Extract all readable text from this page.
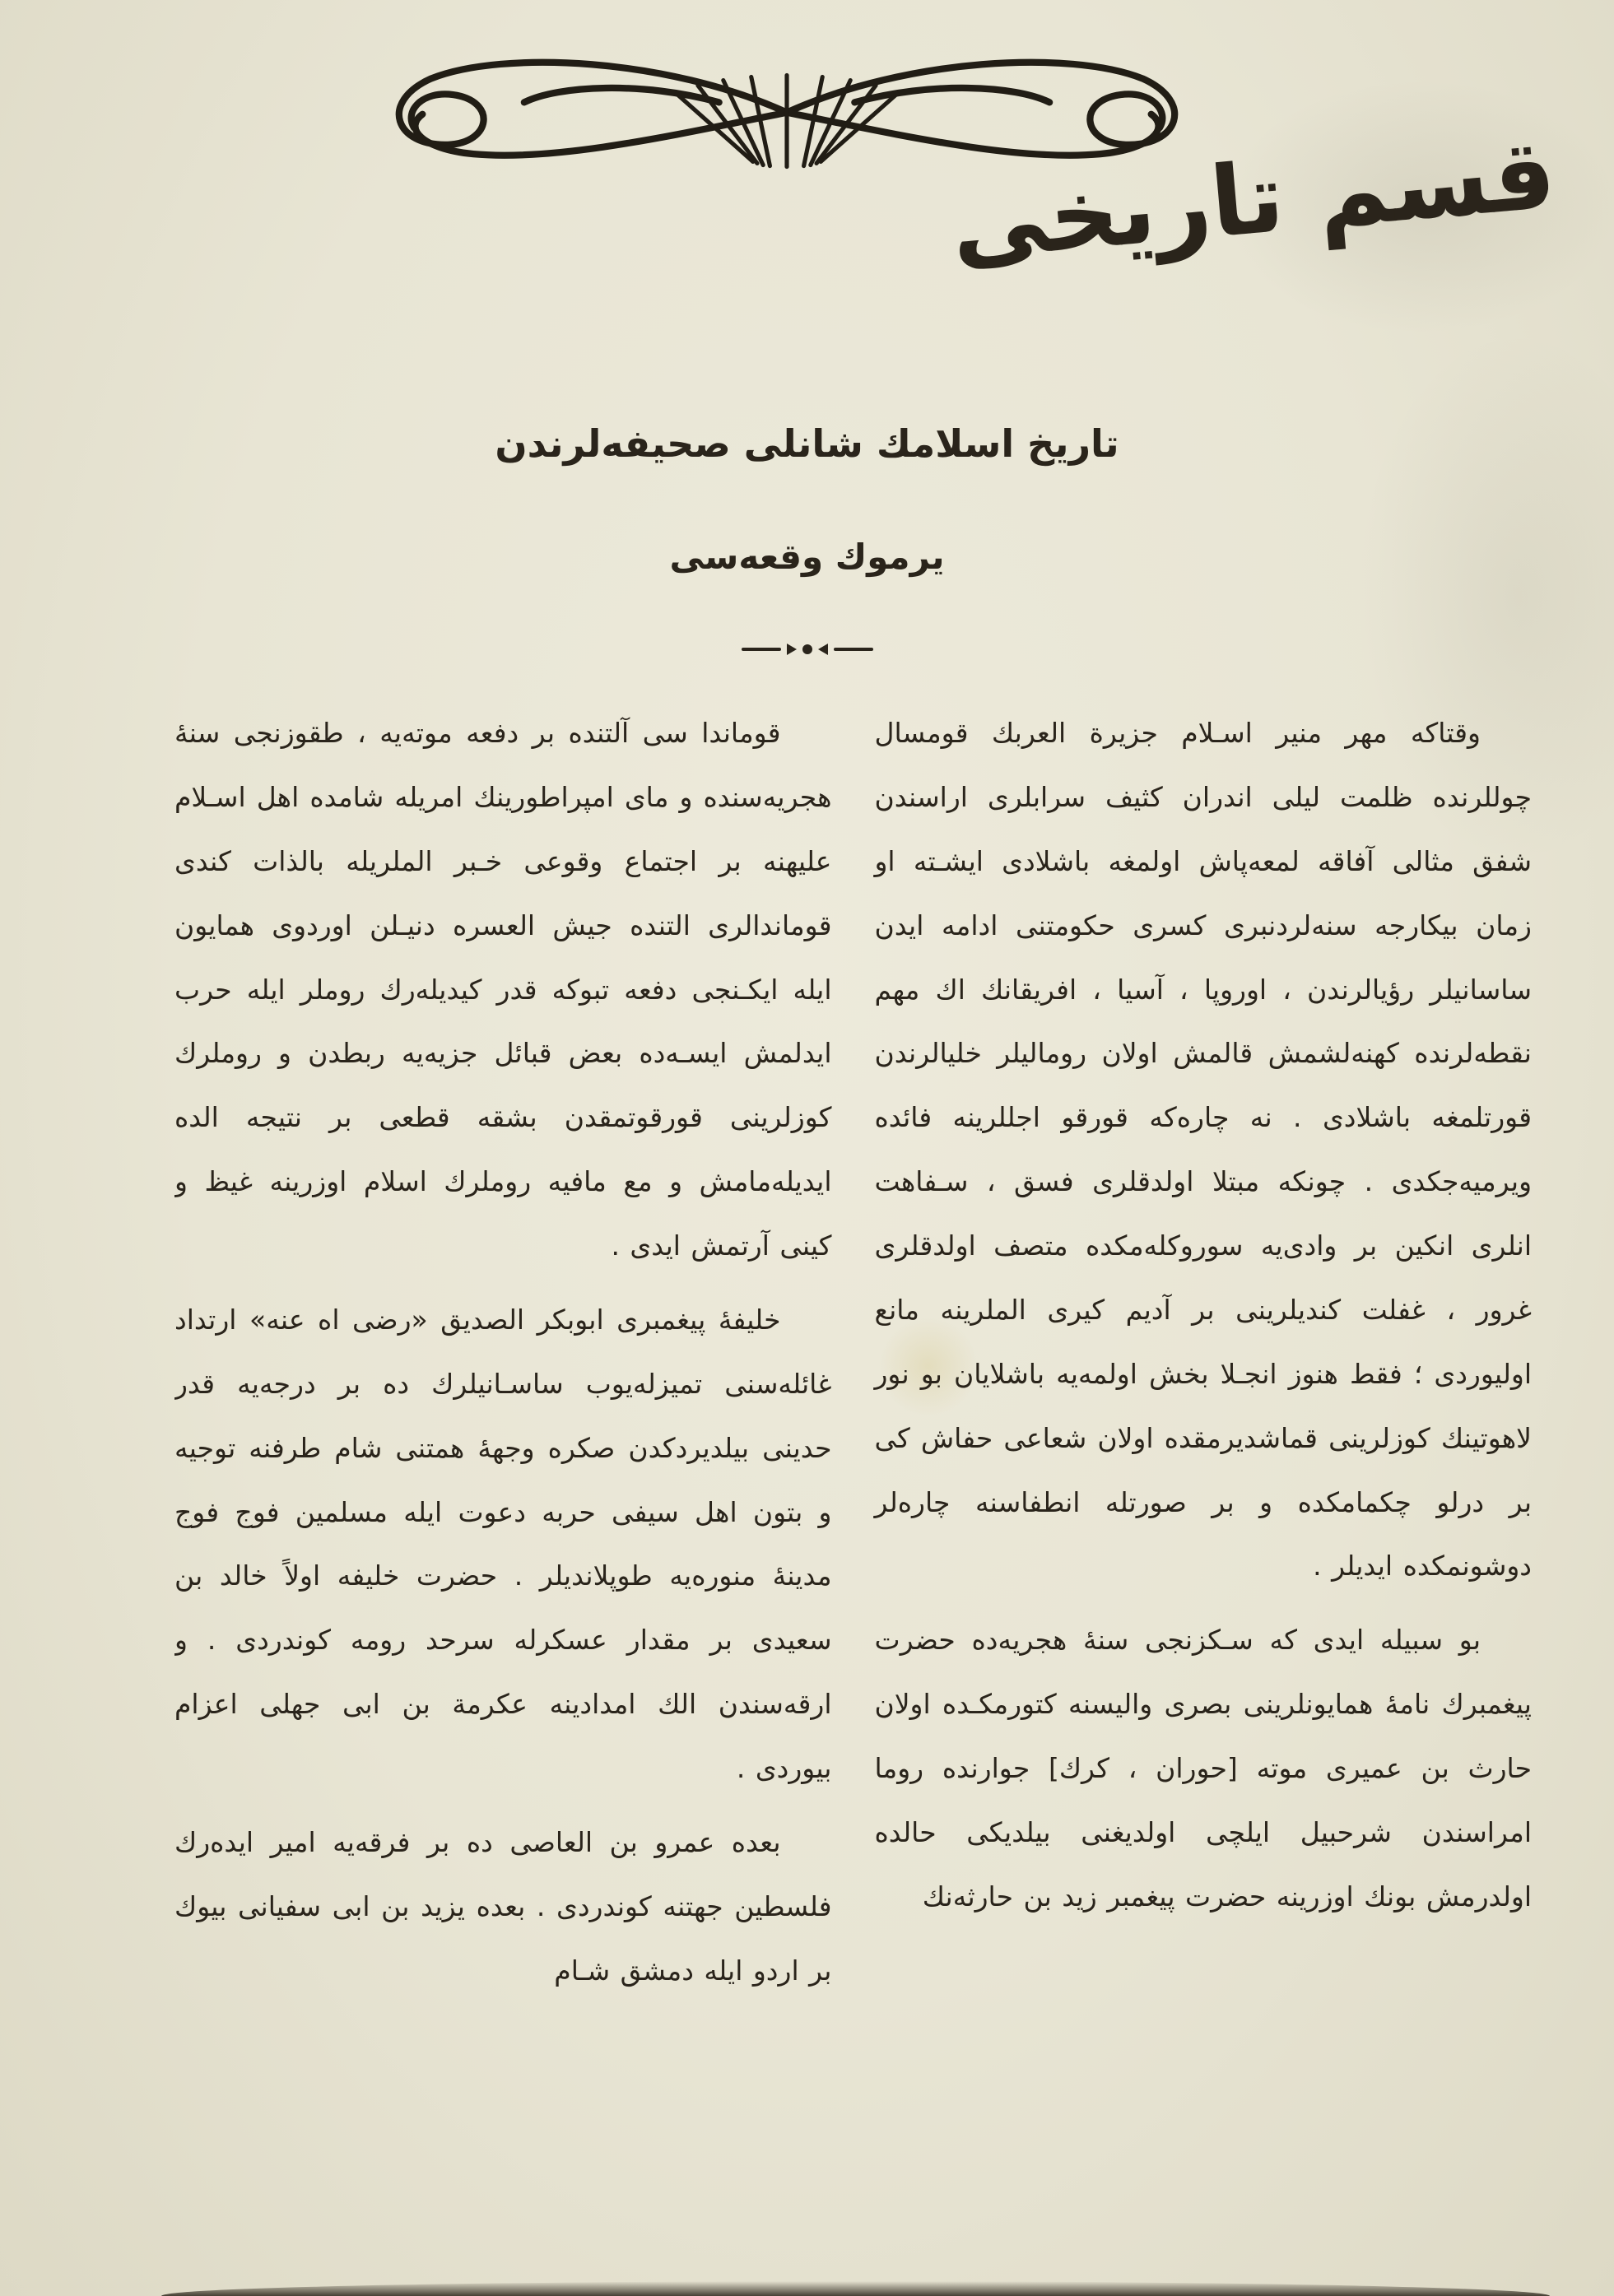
قسم تاريخى
تاريخ اسلامك شانلى صحيفه‌لرندن
يرموك وقعه‌سى

وقتاكه مهر منير اسـلام جزيرة العربك قومسال چوللرنده ظلمت ليلى اندران كثيف سرابلرى اراسندن شفق مثالى آفاقه لمعه‌پاش اولمغه باشلادى ايشـته او زمان بيكارجه سنه‌لردنبرى كسرى حكومتنى ادامه ايدن ساسانيلر رؤيالرندن ، اوروپا ، آسيا ، افريقانك اك مهم نقطه‌لرنده كهنه‌لشمش قالمش اولان روماليلر خليالرندن قورتلمغه باشلادى . نه چاره‌كه قورقو اجللرينه فائده ويرميه‌جكدى . چونكه مبتلا اولدقلرى فسق ، سـفاهت انلرى انكين بر وادى‌يه سوروكله‌مكده متصف اولدقلرى غرور ، غفلت كنديلرينى بر آديم كيرى الملرينه مانع اوليوردى ؛ فقط هنوز انجـلا بخش اولمه‌يه باشلايان بو نور لاهوتينك كوزلرينى قماشديرمقده اولان شعاعى حفاش كى بر درلو چكمامكده و بر صورتله انطفاسنه چاره‌لر دوشونمكده ايديلر .

بو سبيله ايدى كه سـكزنجى سنهٔ هجريه‌ده حضرت پيغمبرك نامهٔ همايونلرينى بصرى واليسنه كتورمكـده اولان حارث بن عميرى موته [حوران ، كرك] جوارنده روما امراسندن شرحبيل ايلچى اولديغنى بيلديكى حالده اولدرمش بونك اوزرينه حضرت پيغمبر زيد بن حارثه‌نك

قوماندا سى آلتنده بر دفعه موته‌يه ، طقوزنجى سنهٔ هجريه‌سنده و ماى امپراطورينك امريله شامده اهل اسـلام عليهنه بر اجتماع وقوعى خـبر الملريله بالذات كندى قوماندالرى التنده جيش العسره دنيـلن اوردوى همايون ايله ايكـنجى دفعه تبوكه قدر كيديله‌رك روملر ايله حرب ايدلمش ايسـه‌ده بعض قبائل جزيه‌يه ربطدن و روملرك كوزلرينى قورقوتمقدن بشقه قطعى بر نتيجه الده ايديله‌مامش و مع مافيه روملرك اسلام اوزرينه غيظ و كينى آرتمش ايدى .

خليفهٔ پيغمبرى ابوبكر الصديق «رضى اه عنه» ارتداد غائله‌سنى تميزله‌يوب ساسـانيلرك ده بر درجه‌يه قدر حدينى بيلديردكدن صكره وجههٔ همتنى شام طرفنه توجيه و بتون اهل سيفى حربه دعوت ايله مسلمين فوج فوج مدينهٔ منوره‌يه طوپلانديلر . حضرت خليفه اولاً خالد بن سعيدى بر مقدار عسكرله سرحد رومه كوندردى . و ارقه‌سندن الك امدادينه عكرمة بن ابى جهلى اعزام بيوردى .

بعده عمرو بن العاصى ده بر فرقه‌يه امير ايده‌رك فلسطين جهتنه كوندردى . بعده يزيد بن ابى سفيانى بيوك بر اردو ايله دمشق شـام
